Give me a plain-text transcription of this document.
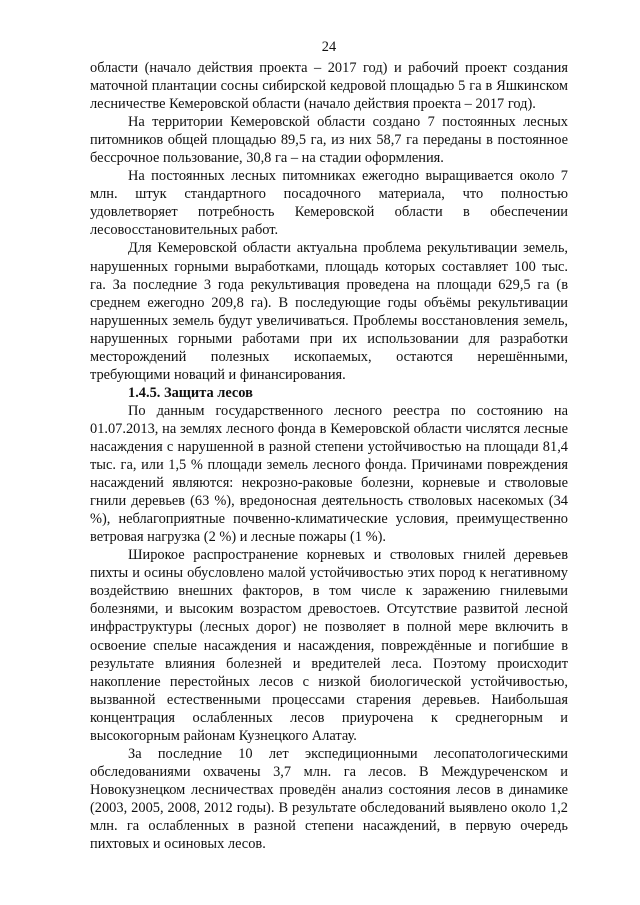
24

области (начало действия проекта – 2017 год) и рабочий проект создания маточной плантации сосны сибирской кедровой площадью 5 га в Яшкинском лесничестве Кемеровской области (начало действия проекта – 2017 год).

На территории Кемеровской области создано 7 постоянных лесных питомников общей площадью 89,5 га, из них 58,7 га переданы в постоянное бессрочное пользование, 30,8 га – на стадии оформления.

На постоянных лесных питомниках ежегодно выращивается около 7 млн. штук стандартного посадочного материала, что полностью удовлетворяет потребность Кемеровской области в обеспечении лесовосстановительных работ.

Для Кемеровской области актуальна проблема рекультивации земель, нарушенных горными выработками, площадь которых составляет 100 тыс. га. За последние 3 года рекультивация проведена на площади 629,5 га (в среднем ежегодно 209,8 га). В последующие годы объёмы рекультивации нарушенных земель будут увеличиваться. Проблемы восстановления земель, нарушенных горными работами при их использовании для разработки месторождений полезных ископаемых, остаются нерешёнными, требующими новаций и финансирования.

1.4.5. Защита лесов

По данным государственного лесного реестра по состоянию на 01.07.2013, на землях лесного фонда в Кемеровской области числятся лесные насаждения с нарушенной в разной степени устойчивостью на площади 81,4 тыс. га, или 1,5 % площади земель лесного фонда. Причинами повреждения насаждений являются: некрозно-раковые болезни, корневые и стволовые гнили деревьев (63 %), вредоносная деятельность стволовых насекомых (34 %), неблагоприятные почвенно-климатические условия, преимущественно ветровая нагрузка (2 %) и лесные пожары (1 %).

Широкое распространение корневых и стволовых гнилей деревьев пихты и осины обусловлено малой устойчивостью этих пород к негативному воздействию внешних факторов, в том числе к заражению гнилевыми болезнями, и высоким возрастом древостоев. Отсутствие развитой лесной инфраструктуры (лесных дорог) не позволяет в полной мере включить в освоение спелые насаждения и насаждения, повреждённые и погибшие в результате влияния болезней и вредителей леса. Поэтому происходит накопление перестойных лесов с низкой биологической устойчивостью, вызванной естественными процессами старения деревьев. Наибольшая концентрация ослабленных лесов приурочена к среднегорным и высокогорным районам Кузнецкого Алатау.

За последние 10 лет экспедиционными лесопатологическими обследованиями охвачены 3,7 млн. га лесов. В Междуреченском и Новокузнецком лесничествах проведён анализ состояния лесов в динамике (2003, 2005, 2008, 2012 годы). В результате обследований выявлено около 1,2 млн. га ослабленных в разной степени насаждений, в первую очередь пихтовых и осиновых лесов.
